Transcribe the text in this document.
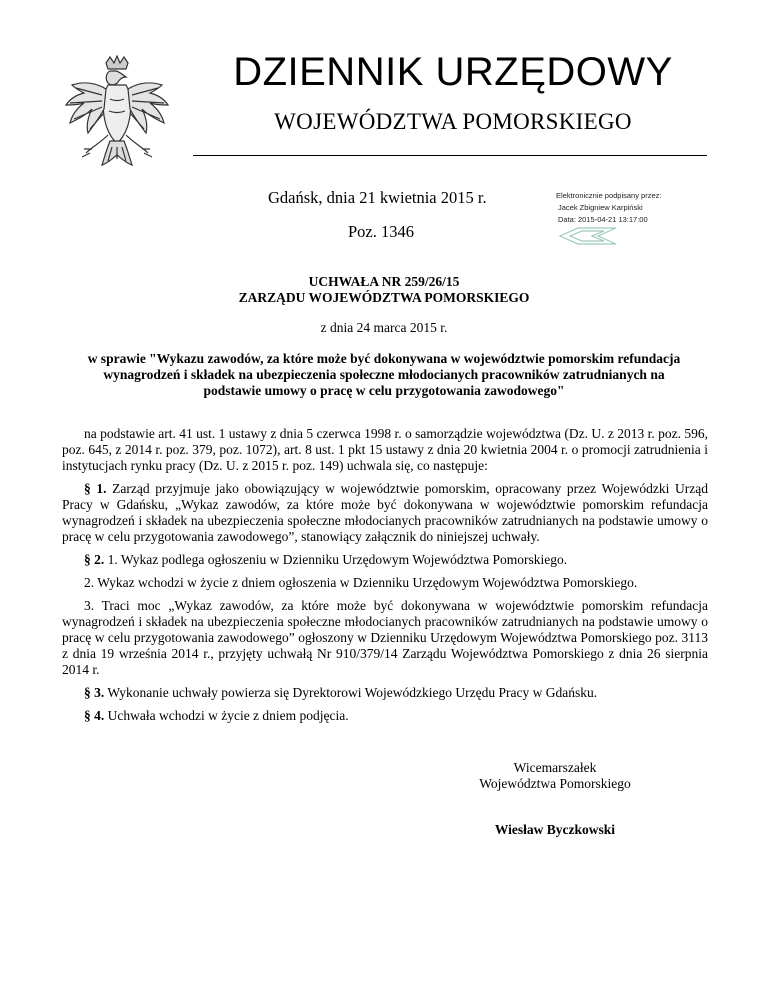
DZIENNIK URZĘDOWY
WOJEWÓDZTWA POMORSKIEGO
Gdańsk, dnia 21 kwietnia 2015 r.
Poz. 1346
Elektronicznie podpisany przez:
Jacek Zbigniew Karpiński
Data: 2015-04-21 13:17:00
UCHWAŁA NR 259/26/15
ZARZĄDU WOJEWÓDZTWA POMORSKIEGO
z dnia 24 marca 2015 r.
w sprawie "Wykazu zawodów, za które może być dokonywana w województwie pomorskim refundacja wynagrodzeń i składek na ubezpieczenia społeczne młodocianych pracowników zatrudnianych na podstawie umowy o pracę w celu przygotowania zawodowego"

na podstawie art. 41 ust. 1 ustawy z dnia 5 czerwca 1998 r. o samorządzie województwa (Dz. U. z 2013 r. poz. 596, poz. 645, z 2014 r. poz. 379, poz. 1072), art. 8 ust. 1 pkt 15 ustawy z dnia 20 kwietnia 2004 r. o promocji zatrudnienia i instytucjach rynku pracy (Dz. U. z 2015 r. poz. 149) uchwala się, co następuje:

§ 1. Zarząd przyjmuje jako obowiązujący w województwie pomorskim, opracowany przez Wojewódzki Urząd Pracy w Gdańsku, „Wykaz zawodów, za które może być dokonywana w województwie pomorskim refundacja wynagrodzeń i składek na ubezpieczenia społeczne młodocianych pracowników zatrudnianych na podstawie umowy o pracę w celu przygotowania zawodowego”, stanowiący załącznik do niniejszej uchwały.

§ 2. 1. Wykaz podlega ogłoszeniu w Dzienniku Urzędowym Województwa Pomorskiego.

2. Wykaz wchodzi w życie z dniem ogłoszenia w Dzienniku Urzędowym Województwa Pomorskiego.

3. Traci moc „Wykaz zawodów, za które może być dokonywana w województwie pomorskim refundacja wynagrodzeń i składek na ubezpieczenia społeczne młodocianych pracowników zatrudnianych na podstawie umowy o pracę w celu przygotowania zawodowego” ogłoszony w Dzienniku Urzędowym Województwa Pomorskiego poz. 3113 z dnia 19 września 2014 r., przyjęty uchwałą Nr 910/379/14 Zarządu Województwa Pomorskiego z dnia 26 sierpnia 2014 r.

§ 3. Wykonanie uchwały powierza się Dyrektorowi Wojewódzkiego Urzędu Pracy w Gdańsku.

§ 4. Uchwała wchodzi w życie z dniem podjęcia.

Wicemarszałek
Województwa Pomorskiego
Wiesław Byczkowski
